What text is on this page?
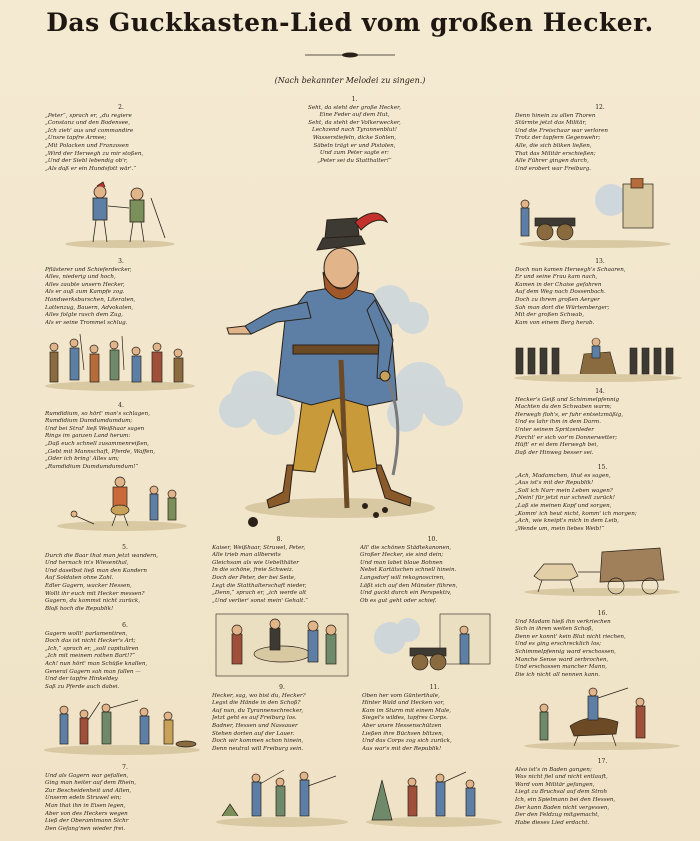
Das Guckkasten-Lied vom großen Hecker.
(Nach bekannter Melodei zu singen.)
1.
Seht, da steht der große Hecker,
Eine Feder auf dem Hut,
Seht, da steht der Volkerwecker,
Lechzend nach Tyrannenblut!
Wasserstiefeln, dicke Sohlen,
Säbeln trägt er und Pistolen,
Und zum Peter sagte er:
„Peter sei du Statthalter!“
2.
„Peter“, sprach er, „du regiere
„Constanz und den Bodensee,
„Ich zieh' aus und commandire
„Unsre tapfre Armee;
„Mit Polacken und Franzosen
„Wird der Herwegh zu mir stoßen,
„Und der Siebl lebendig ob'r,
„Als daß er ein Hundsfott wär'.“
3.
Pflästerer und Schieferdecker,
Alles, niederig und hoch,
Alles zaubte unsern Hecker,
Als er auß zum Kampfe zog.
Handwerksburschen, Literaten,
Lattenzug, Bauern, Advokaten,
Alles folgte rasch dem Zug,
Als er seine Trommel schlug.
4.
Rumdidium, so hört' man's schlagen,
Rumdidium Dumdumdumdum;
Und bei Stral' ließ Weißhaar sagen
Rings im ganzen Land herum:
„Daß euch schnell zusammenreißen,
„Gebt mit Mannschaft, Pferde, Waffen,
„Oder ich bring' Alles um;
„Rumdidium Dumdumdumdum!“
5.
Durch die Baar that man jetzt wandern,
Und hernach in's Wiesenthal,
Und daselbst ließ man den Kandern
Auf Soldaten ohne Zahl.
Edler Gagern, wacker Hessen,
Wollt ihr euch mit Hecker messen?
Gagern, du kommst nicht zurück,
Bloß hoch die Republik!
6.
Gagern wollt' parlamentiren,
Doch das ist nicht Hecker's Art;
„Ich,“ sprach er, „soll capituliren
„Ich mit meinem rothen Bart!?“
Ach! nun hört' man Schüße knallen,
General Gagern sah man fallen —
Und der tapfre Hinkeldey
Saß zu Pferde auch dabei.
7.
Und als Gagern war gefallen,
Ging man heiter auf dem Rhein,
Zur Bescheidenheit und Allen,
Unserm edeln Struwel ein;
Man that ihn in Eisen legen,
Aber von des Heckers wegen
Ließ der Oberamtmann Sichr
Den Gefang'nen wieder frei.
8.
Kaiser, Weißhaar, Struwel, Peter,
Alle trieb man allbereits
Gleichsam als wie Uebelthäter
In die schöne, freie Schweiz.
Doch der Peter, der bei Seite,
Legt die Statthalterschaft nieder,
„Denn,“ sprach er, „ich werde alt
„Und verlier' sonst mein' Gehalt.“
10.
All' die schönen Städtekanonen,
Großer Hecker, sie sind dein;
Und man labet blaue Bohnen
Nebst Kartätschen schnell hinein.
Langsdorf will rekognosciren,
Läßt sich auf den Münster führen,
Und guckt durch ein Perspektiv,
Ob es gut geht oder schief.
9.
Hecker, sag, wo bist du, Hecker?
Legst die Hände in den Schoß?
Auf nun, du Tyrannenschrecker,
Jetzt geht es auf Freiburg los.
Badner, Hessen und Nassauer
Stehen dorten auf der Lauer.
Doch wir kommen schon hinein,
Denn neutral will Freiburg sein.
11.
Oben her vom Günterthale,
Hinter Wald und Hecken vor,
Kam im Sturm mit einem Male,
Siegel's wildes, tapfres Corps.
Aber unsre Hessenschützen
Ließen ihre Büchsen blitzen,
Und das Corps zog sich zurück,
Aus war's mit der Republik!
12.
Denn hinein zu allen Thoren
Stürmte jetzt das Militär,
Und die Freischaar war verloren
Trotz der tapfern Gegenwehr;
Alle, die sich bliken ließen,
That das Militär erschießen;
Alle Führer gingen durch,
Und erobert war Freiburg.
13.
Doch nun kamen Herwegh's Schaaren,
Er und seine Frau kam nach,
Kamen in der Chaise gefahren
Auf dem Weg nach Dossenbach.
Doch zu ihrem großen Aerger
Sah man dort die Würtemberger;
Mit der großen Schwab,
Kam von einem Berg herab.
14.
Hecker's Geiß und Schimmelpfennig
Machten da den Schwaben warm;
Herwegh floh's, er fuhr entsetzmäßig,
Und es lahr ihm in dem Darm.
Unter seinem Spritzenleder
Forcht' er sich vor'm Donnerwetter;
Hüft' er ei dem Herwegh bei,
Daß der Hinweg besser sei.
15.
„Ach, Madamchen, thut es sagen,
„Aus ist's mit der Republik!
„Soll ich Narr mein Leben wagen?
„Nein! für jetzt nur schnell zurück!
„Laß sie meinen Kopf und sorgen,
„Komm' ich heut nicht, komm' ich morgen;
„Ach, wie kneipt's mich in dem Leib,
„Wende um, mein liebes Weib!“
16.
Und Madam hieß ihn verkriechen
Sich in ihren weiten Schoß,
Denn er konnt' kein Blut nicht riechen,
Und es ging erschrecklich los;
Schimmelpfennig ward erschossen,
Manche Sense ward zerbrochen,
Und erschossen mancher Mann,
Die ich nicht all nennen kann.
17.
Also ist's in Baden gangen;
Was nicht fiel und nicht entlauft,
Ward vom Militär gefangen,
Liegt zu Bruchsal auf dem Stroh
Ich, ein Spielmann bei den Hessen,
Der kann Baden nicht vergessen,
Der den Feldzug mitgemacht,
Habe dieses Lied erdacht.
